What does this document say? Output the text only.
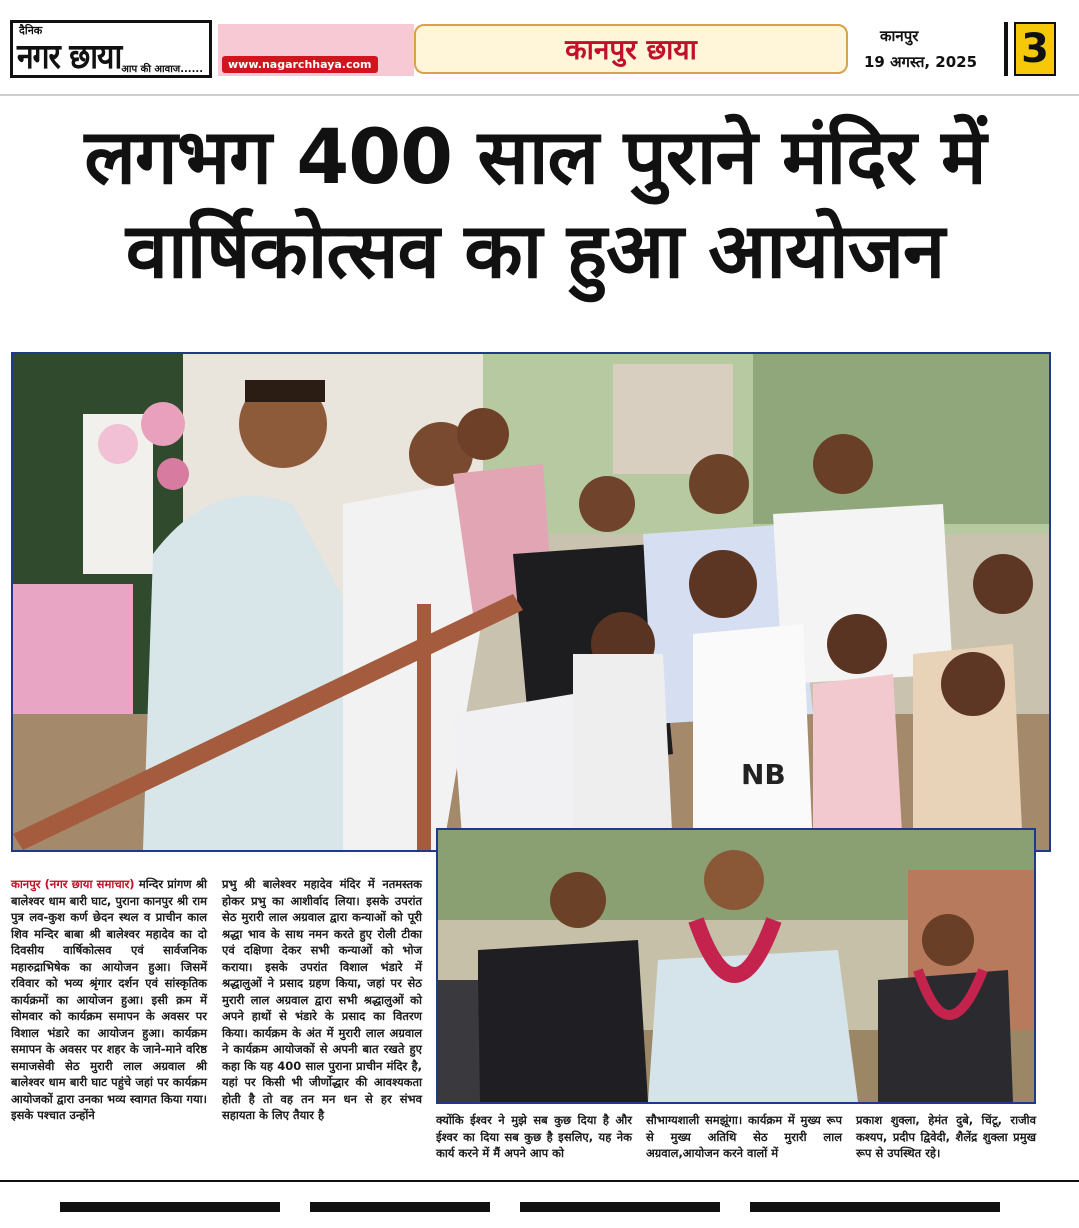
दैनिक
नगर छाया आप की आवाज......	www.nagarchhaya.com	कानपुर छाया	कानपुर
19 अगस्त, 2025 3
लगभग 400 साल पुराने मंदिर में
वार्षिकोत्सव का हुआ आयोजन
NB
कानपुर (नगर छाया समाचार) मन्दिर प्रांगण श्री बालेश्वर धाम बारी घाट, पुराना कानपुर श्री राम पुत्र लव-कुश कर्ण छेदन स्थल व प्राचीन काल शिव मन्दिर बाबा श्री बालेश्वर महादेव का दो दिवसीय वार्षिकोत्सव एवं सार्वजनिक महारुद्राभिषेक का आयोजन हुआ। जिसमें रविवार को भव्य श्रृंगार दर्शन एवं सांस्कृतिक कार्यक्रमों का आयोजन हुआ। इसी क्रम में सोमवार को कार्यक्रम समापन के अवसर पर विशाल भंडारे का आयोजन हुआ। कार्यक्रम समापन के अवसर पर शहर के जाने-माने वरिष्ठ समाजसेवी सेठ मुरारी लाल अग्रवाल श्री बालेश्वर धाम बारी घाट पहुंचे जहां पर कार्यक्रम आयोजकों द्वारा उनका भव्य स्वागत किया गया। इसके पश्चात उन्होंने
प्रभु श्री बालेश्वर महादेव मंदिर में नतमस्तक होकर प्रभु का आशीर्वाद लिया। इसके उपरांत सेठ मुरारी लाल अग्रवाल द्वारा कन्याओं को पूरी श्रद्धा भाव के साथ नमन करते हुए रोली टीका एवं दक्षिणा देकर सभी कन्याओं को भोज कराया। इसके उपरांत विशाल भंडारे में श्रद्धालुओं ने प्रसाद ग्रहण किया, जहां पर सेठ मुरारी लाल अग्रवाल द्वारा सभी श्रद्धालुओं को अपने हाथों से भंडारे के प्रसाद का वितरण किया। कार्यक्रम के अंत में मुरारी लाल अग्रवाल ने कार्यक्रम आयोजकों से अपनी बात रखते हुए कहा कि यह 400 साल पुराना प्राचीन मंदिर है, यहां पर किसी भी जीर्णोद्धार की आवश्यकता होती है तो वह तन मन धन से हर संभव सहायता के लिए तैयार है	क्योंकि ईश्वर ने मुझे सब कुछ दिया है और ईश्वर का दिया सब कुछ है इसलिए, यह नेक कार्य करने में मैं अपने आप को
सौभाग्यशाली समझूंगा। कार्यक्रम में मुख्य रूप से मुख्य अतिथि सेठ मुरारी लाल अग्रवाल,आयोजन करने वालों में
प्रकाश शुक्ला, हेमंत दुबे, चिंटू, राजीव कश्यप, प्रदीप द्विवेदी, शैलेंद्र शुक्ला प्रमुख रूप से उपस्थित रहे।
